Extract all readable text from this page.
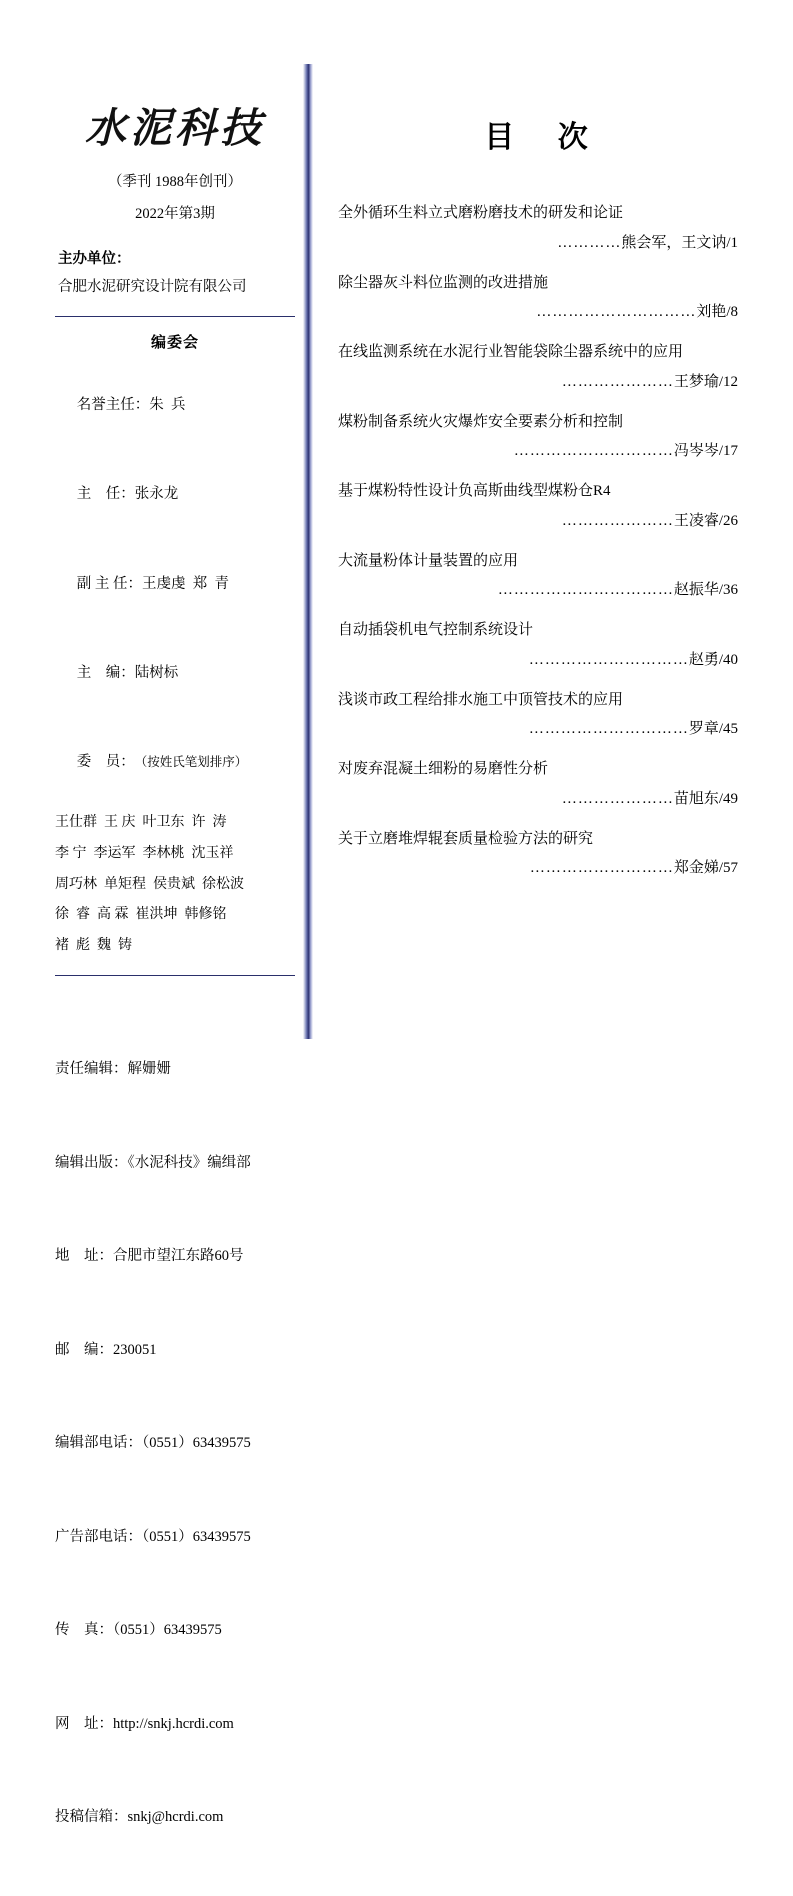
水泥科技
（季刊 1988年创刊）
2022年第3期
主办单位：
合肥水泥研究设计院有限公司
编委会

名誉主任：朱  兵

主    任：张永龙

副 主 任：王虔虔  郑  青

主    编：陆树标

委    员：（按姓氏笔划排序）

王仕群  王 庆  叶卫东  许  涛
李 宁  李运军  李林桃  沈玉祥
周巧林  单矩程  侯贵斌  徐松波
徐  睿  高 霖  崔洪坤  韩修铭
褚  彪  魏  铸

责任编辑：解姗姗

编辑出版：《水泥科技》编缉部

地    址：合肥市望江东路60号

邮    编：230051

编辑部电话：（0551）63439575

广告部电话：（0551）63439575

传    真：（0551）63439575

网    址：http://snkj.hcrdi.com

投稿信箱：snkj@hcrdi.com

目 次
全外循环生料立式磨粉磨技术的研发和论证
…………熊会军，王文讷/1
除尘器灰斗料位监测的改进措施
…………………………刘艳/8
在线监测系统在水泥行业智能袋除尘器系统中的应用
…………………王梦瑜/12
煤粉制备系统火灾爆炸安全要素分析和控制
…………………………冯岑岑/17
基于煤粉特性设计负高斯曲线型煤粉仓R4
…………………王凌睿/26
大流量粉体计量装置的应用
……………………………赵振华/36
自动插袋机电气控制系统设计
…………………………赵勇/40
浅谈市政工程给排水施工中顶管技术的应用
…………………………罗章/45
对废弃混凝土细粉的易磨性分析
…………………苗旭东/49
关于立磨堆焊辊套质量检验方法的研究
………………………郑金娣/57
